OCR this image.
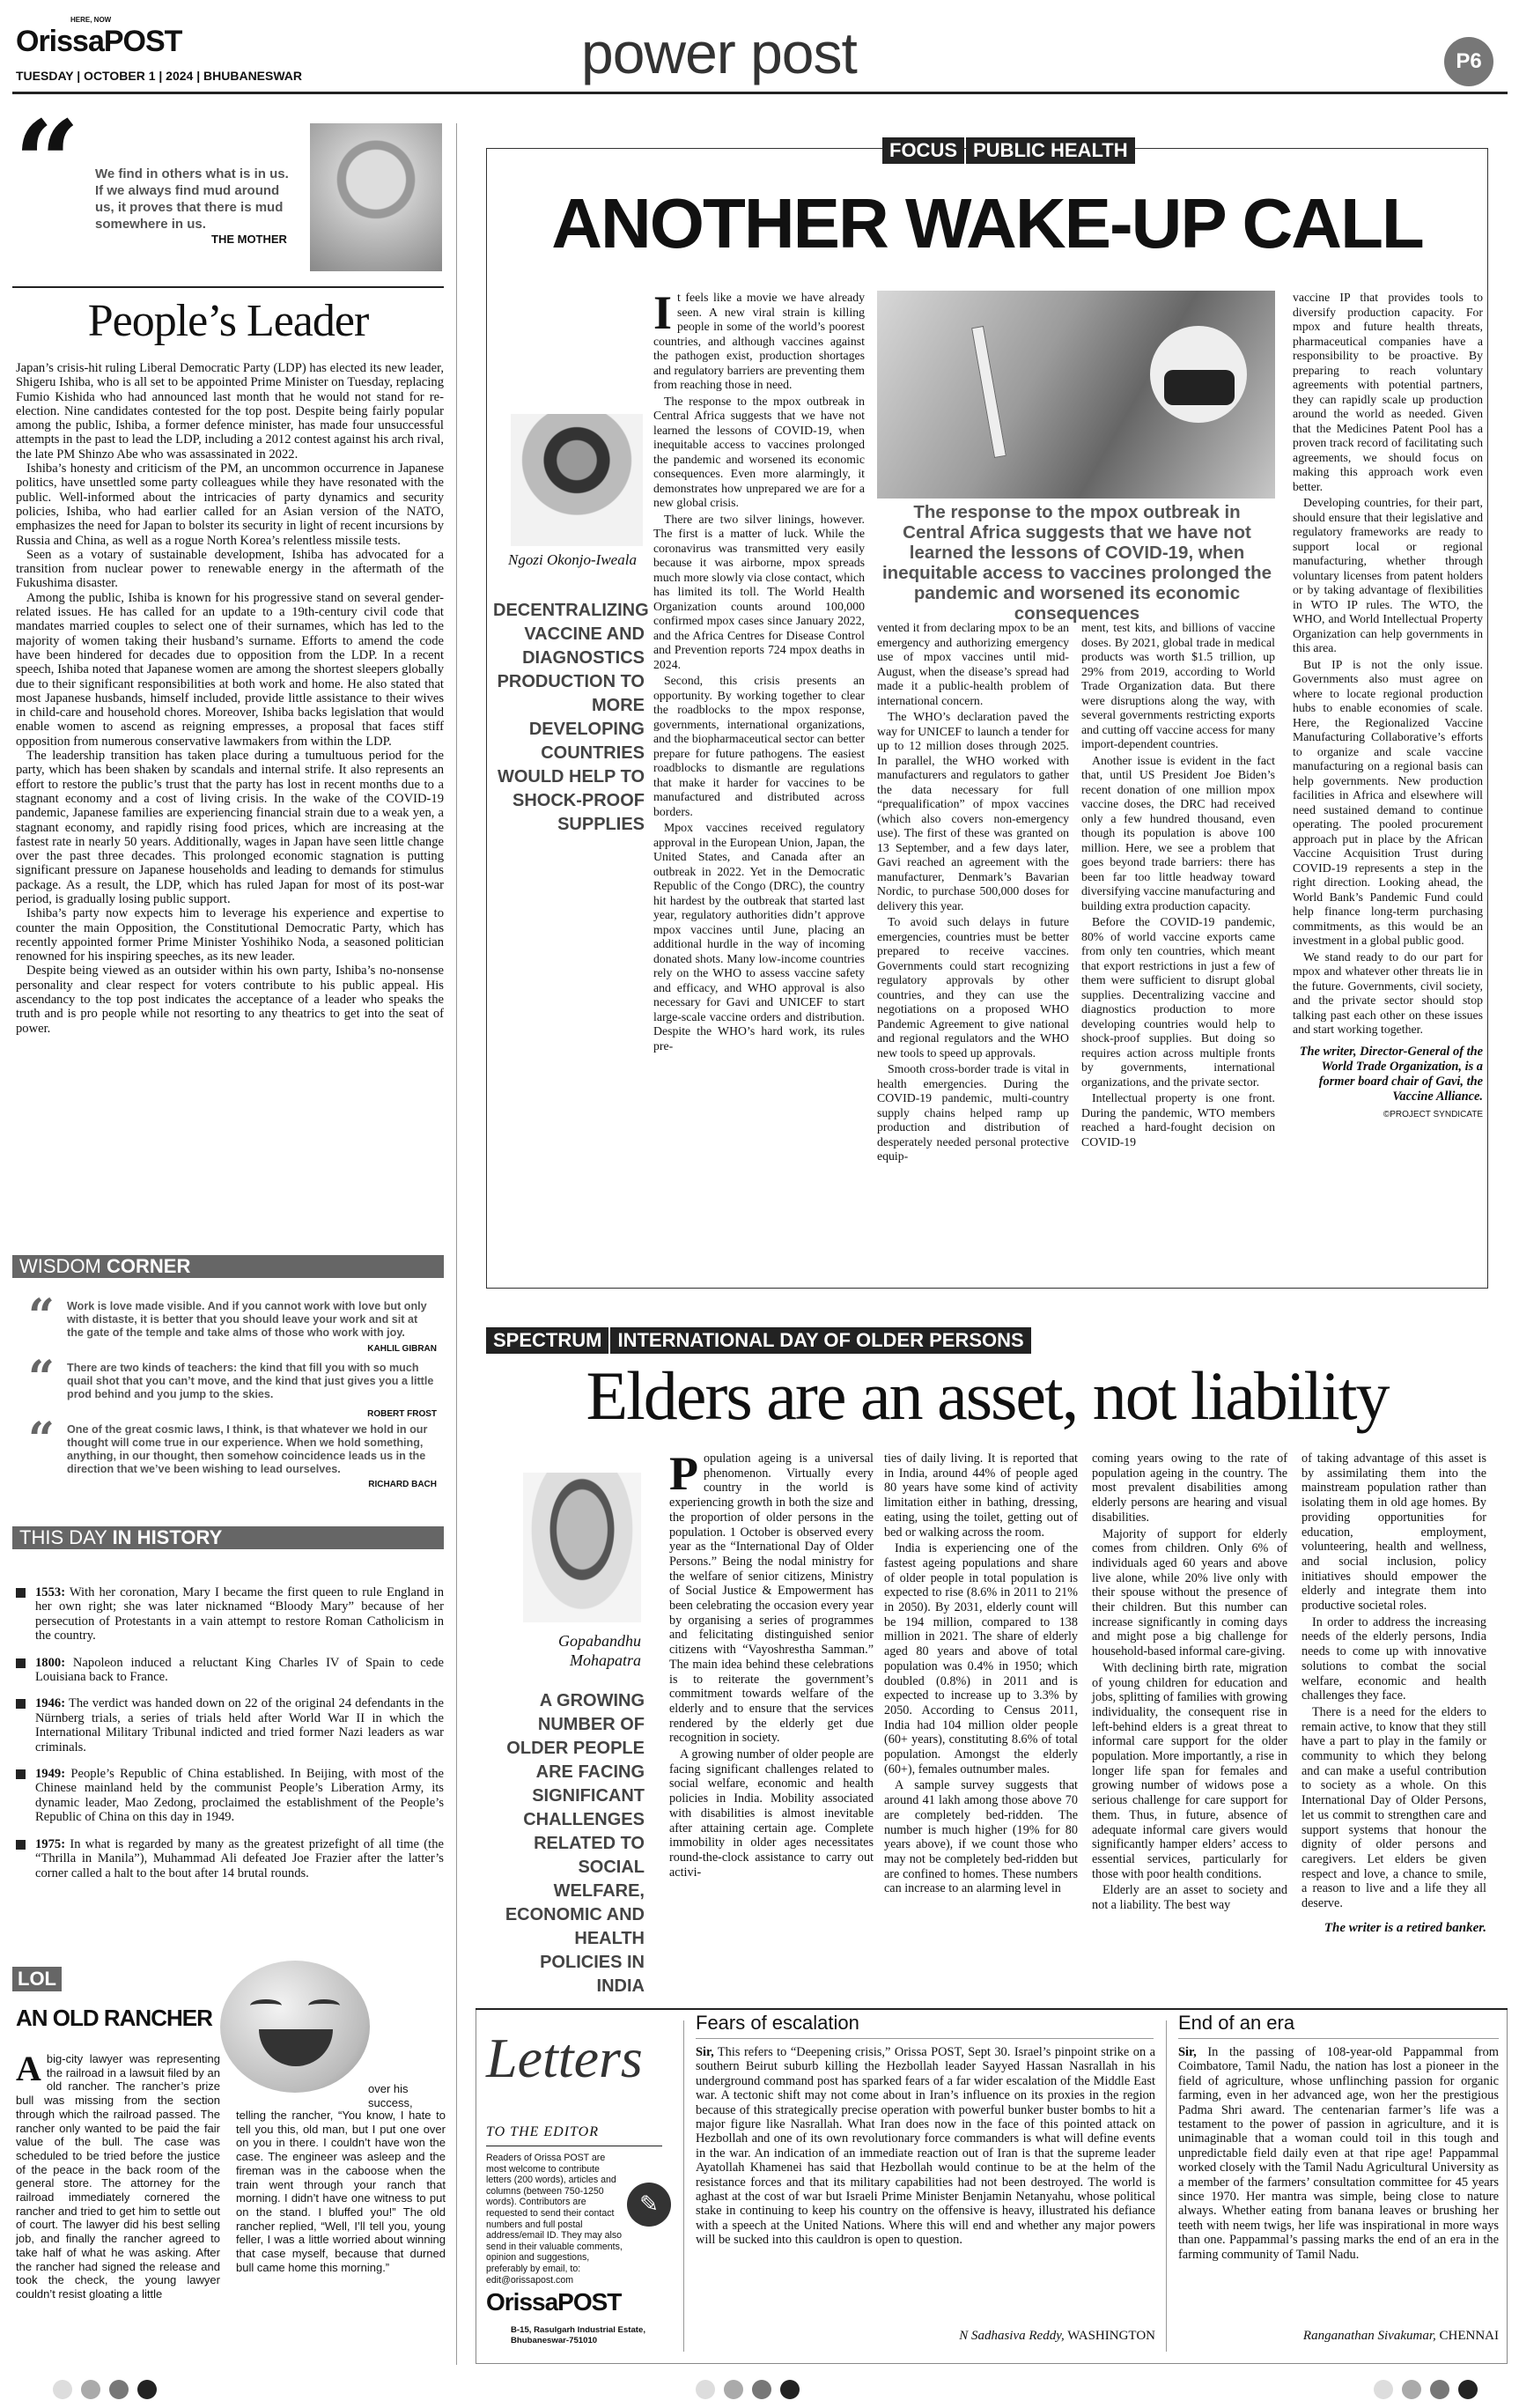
HERE, NOW
OrissaPOST
TUESDAY | OCTOBER 1 | 2024 | BHUBANESWAR	power post	P6
“ We find in others what is in us. If we always find mud around us, it proves that there is mud somewhere in us.
THE MOTHER
People’s Leader

Japan’s crisis-hit ruling Liberal Democratic Party (LDP) has elected its new leader, Shigeru Ishiba, who is all set to be appointed Prime Minister on Tuesday, replacing Fumio Kishida who had announced last month that he would not stand for re-election. Nine candidates contested for the top post. Despite being fairly popular among the public, Ishiba, a former defence minister, has made four unsuccessful attempts in the past to lead the LDP, including a 2012 contest against his arch rival, the late PM Shinzo Abe who was assassinated in 2022.

Ishiba’s honesty and criticism of the PM, an uncommon occurrence in Japanese politics, have unsettled some party colleagues while they have resonated with the public. Well-informed about the intricacies of party dynamics and security policies, Ishiba, who had earlier called for an Asian version of the NATO, emphasizes the need for Japan to bolster its security in light of recent incursions by Russia and China, as well as a rogue North Korea’s relentless missile tests.

Seen as a votary of sustainable development, Ishiba has advocated for a transition from nuclear power to renewable energy in the aftermath of the Fukushima disaster.

Among the public, Ishiba is known for his progressive stand on several gender-related issues. He has called for an update to a 19th-century civil code that mandates married couples to select one of their surnames, which has led to the majority of women taking their husband’s surname. Efforts to amend the code have been hindered for decades due to opposition from the LDP. In a recent speech, Ishiba noted that Japanese women are among the shortest sleepers globally due to their significant responsibilities at both work and home. He also stated that most Japanese husbands, himself included, provide little assistance to their wives in child-care and household chores. Moreover, Ishiba backs legislation that would enable women to ascend as reigning empresses, a proposal that faces stiff opposition from numerous conservative lawmakers from within the LDP.

The leadership transition has taken place during a tumultuous period for the party, which has been shaken by scandals and internal strife. It also represents an effort to restore the public’s trust that the party has lost in recent months due to a stagnant economy and a cost of living crisis. In the wake of the COVID-19 pandemic, Japanese families are experiencing financial strain due to a weak yen, a stagnant economy, and rapidly rising food prices, which are increasing at the fastest rate in nearly 50 years. Additionally, wages in Japan have seen little change over the past three decades. This prolonged economic stagnation is putting significant pressure on Japanese households and leading to demands for stimulus package. As a result, the LDP, which has ruled Japan for most of its post-war period, is gradually losing public support.

Ishiba’s party now expects him to leverage his experience and expertise to counter the main Opposition, the Constitutional Democratic Party, which has recently appointed former Prime Minister Yoshihiko Noda, a seasoned politician renowned for his inspiring speeches, as its new leader.

Despite being viewed as an outsider within his own party, Ishiba’s no-nonsense personality and clear respect for voters contribute to his public appeal. His ascendancy to the top post indicates the acceptance of a leader who speaks the truth and is pro people while not resorting to any theatrics to get into the seat of power.

WISDOM CORNER
“ Work is love made visible. And if you cannot work with love but only with distaste, it is better that you should leave your work and sit at the gate of the temple and take alms of those who work with joy.
KAHLIL GIBRAN
“ There are two kinds of teachers: the kind that fill you with so much quail shot that you can’t move, and the kind that just gives you a little prod behind and you jump to the skies.
ROBERT FROST
“ One of the great cosmic laws, I think, is that whatever we hold in our thought will come true in our experience. When we hold something, anything, in our thought, then somehow coincidence leads us in the direction that we’ve been wishing to lead ourselves.
RICHARD BACH
THIS DAY IN HISTORY
1553: With her coronation, Mary I became the first queen to rule England in her own right; she was later nicknamed “Bloody Mary” because of her persecution of Protestants in a vain attempt to restore Roman Catholicism in the country.
1800: Napoleon induced a reluctant King Charles IV of Spain to cede Louisiana back to France.
1946: The verdict was handed down on 22 of the original 24 defendants in the Nürnberg trials, a series of trials held after World War II in which the International Military Tribunal indicted and tried former Nazi leaders as war criminals.
1949: People’s Republic of China established. In Beijing, with most of the Chinese mainland held by the communist People’s Liberation Army, its dynamic leader, Mao Zedong, proclaimed the establishment of the People’s Republic of China on this day in 1949.
1975: In what is regarded by many as the greatest prizefight of all time (the “Thrilla in Manila”), Muhammad Ali defeated Joe Frazier after the latter’s corner called a halt to the bout after 14 brutal rounds.
LOL
AN OLD RANCHER
A big-city lawyer was representing the railroad in a lawsuit filed by an old rancher. The rancher’s prize bull was missing from the section through which the railroad passed. The rancher only wanted to be paid the fair value of the bull. The case was scheduled to be tried before the justice of the peace in the back room of the general store. The attorney for the railroad immediately cornered the rancher and tried to get him to settle out of court. The lawyer did his best selling job, and finally the rancher agreed to take half of what he was asking. After the rancher had signed the release and took the check, the young lawyer couldn’t resist gloating a little
over his success,
telling the rancher, “You know, I hate to tell you this, old man, but I put one over on you in there. I couldn’t have won the case. The engineer was asleep and the fireman was in the caboose when the train went through your ranch that morning. I didn’t have one witness to put on the stand. I bluffed you!” The old rancher replied, “Well, I’ll tell you, young feller, I was a little worried about winning that case myself, because that durned bull came home this morning.”
FOCUS PUBLIC HEALTH
ANOTHER WAKE-UP CALL
Ngozi Okonjo-Iweala
DECENTRALIZING VACCINE AND DIAGNOSTICS PRODUCTION TO MORE DEVELOPING COUNTRIES WOULD HELP TO SHOCK-PROOF SUPPLIES

It feels like a movie we have already seen. A new viral strain is killing people in some of the world’s poorest countries, and although vaccines against the pathogen exist, production shortages and regulatory barriers are preventing them from reaching those in need.

The response to the mpox outbreak in Central Africa suggests that we have not learned the lessons of COVID-19, when inequitable access to vaccines prolonged the pandemic and worsened its economic consequences. Even more alarmingly, it demonstrates how unprepared we are for a new global crisis.

There are two silver linings, however. The first is a matter of luck. While the coronavirus was transmitted very easily because it was airborne, mpox spreads much more slowly via close contact, which has limited its toll. The World Health Organization counts around 100,000 confirmed mpox cases since January 2022, and the Africa Centres for Disease Control and Prevention reports 724 mpox deaths in 2024.

Second, this crisis presents an opportunity. By working together to clear the roadblocks to the mpox response, governments, international organizations, and the biopharmaceutical sector can better prepare for future pathogens. The easiest roadblocks to dismantle are regulations that make it harder for vaccines to be manufactured and distributed across borders.

Mpox vaccines received regulatory approval in the European Union, Japan, the United States, and Canada after an outbreak in 2022. Yet in the Democratic Republic of the Congo (DRC), the country hit hardest by the outbreak that started last year, regulatory authorities didn’t approve mpox vaccines until June, placing an additional hurdle in the way of incoming donated shots. Many low-income countries rely on the WHO to assess vaccine safety and efficacy, and WHO approval is also necessary for Gavi and UNICEF to start large-scale vaccine orders and distribution. Despite the WHO’s hard work, its rules pre-

The response to the mpox outbreak in Central Africa suggests that we have not learned the lessons of COVID-19, when inequitable access to vaccines prolonged the pandemic and worsened its economic consequences

vented it from declaring mpox to be an emergency and authorizing emergency use of mpox vaccines until mid-August, when the disease’s spread had made it a public-health problem of international concern.

The WHO’s declaration paved the way for UNICEF to launch a tender for up to 12 million doses through 2025. In parallel, the WHO worked with manufacturers and regulators to gather the data necessary for full “prequalification” of mpox vaccines (which also covers non-emergency use). The first of these was granted on 13 September, and a few days later, Gavi reached an agreement with the manufacturer, Denmark’s Bavarian Nordic, to purchase 500,000 doses for delivery this year.

To avoid such delays in future emergencies, countries must be better prepared to receive vaccines. Governments could start recognizing regulatory approvals by other countries, and they can use the negotiations on a proposed WHO Pandemic Agreement to give national and regional regulators and the WHO new tools to speed up approvals.

Smooth cross-border trade is vital in health emergencies. During the COVID-19 pandemic, multi-country supply chains helped ramp up production and distribution of desperately needed personal protective equip-

ment, test kits, and billions of vaccine doses. By 2021, global trade in medical products was worth $1.5 trillion, up 29% from 2019, according to World Trade Organization data. But there were disruptions along the way, with several governments restricting exports and cutting off vaccine access for many import-dependent countries.

Another issue is evident in the fact that, until US President Joe Biden’s recent donation of one million mpox vaccine doses, the DRC had received only a few hundred thousand, even though its population is above 100 million. Here, we see a problem that goes beyond trade barriers: there has been far too little headway toward diversifying vaccine manufacturing and building extra production capacity.

Before the COVID-19 pandemic, 80% of world vaccine exports came from only ten countries, which meant that export restrictions in just a few of them were sufficient to disrupt global supplies. Decentralizing vaccine and diagnostics production to more developing countries would help to shock-proof supplies. But doing so requires action across multiple fronts by governments, international organizations, and the private sector.

Intellectual property is one front. During the pandemic, WTO members reached a hard-fought decision on COVID-19

vaccine IP that provides tools to diversify production capacity. For mpox and future health threats, pharmaceutical companies have a responsibility to be proactive. By preparing to reach voluntary agreements with potential partners, they can rapidly scale up production around the world as needed. Given that the Medicines Patent Pool has a proven track record of facilitating such agreements, we should focus on making this approach work even better.

Developing countries, for their part, should ensure that their legislative and regulatory frameworks are ready to support local or regional manufacturing, whether through voluntary licenses from patent holders or by taking advantage of flexibilities in WTO IP rules. The WTO, the WHO, and World Intellectual Property Organization can help governments in this area.

But IP is not the only issue. Governments also must agree on where to locate regional production hubs to enable economies of scale. Here, the Regionalized Vaccine Manufacturing Collaborative’s efforts to organize and scale vaccine manufacturing on a regional basis can help governments. New production facilities in Africa and elsewhere will need sustained demand to continue operating. The pooled procurement approach put in place by the African Vaccine Acquisition Trust during COVID-19 represents a step in the right direction. Looking ahead, the World Bank’s Pandemic Fund could help finance long-term purchasing commitments, as this would be an investment in a global public good.

We stand ready to do our part for mpox and whatever other threats lie in the future. Governments, civil society, and the private sector should stop talking past each other on these issues and start working together.

The writer, Director-General of the World Trade Organization, is a former board chair of Gavi, the Vaccine Alliance.
©PROJECT SYNDICATE
SPECTRUM INTERNATIONAL DAY OF OLDER PERSONS
Elders are an asset, not liability
Gopabandhu
Mohapatra
A GROWING NUMBER OF OLDER PEOPLE ARE FACING SIGNIFICANT CHALLENGES RELATED TO SOCIAL WELFARE, ECONOMIC AND HEALTH POLICIES IN INDIA

Population ageing is a universal phenomenon. Virtually every country in the world is experiencing growth in both the size and the proportion of older persons in the population. 1 October is observed every year as the “International Day of Older Persons.” Being the nodal ministry for the welfare of senior citizens, Ministry of Social Justice & Empowerment has been celebrating the occasion every year by organising a series of programmes and felicitating distinguished senior citizens with “Vayoshrestha Samman.” The main idea behind these celebrations is to reiterate the government’s commitment towards welfare of the elderly and to ensure that the services rendered by the elderly get due recognition in society.

A growing number of older people are facing significant challenges related to social welfare, economic and health policies in India. Mobility associated with disabilities is almost inevitable after attaining certain age. Complete immobility in older ages necessitates round-the-clock assistance to carry out activi-

ties of daily living. It is reported that in India, around 44% of people aged 80 years have some kind of activity limitation either in bathing, dressing, eating, using the toilet, getting out of bed or walking across the room.

India is experiencing one of the fastest ageing populations and share of older people in total population is expected to rise (8.6% in 2011 to 21% in 2050). By 2031, elderly count will be 194 million, compared to 138 million in 2021. The share of elderly aged 80 years and above of total population was 0.4% in 1950; which doubled (0.8%) in 2011 and is expected to increase up to 3.3% by 2050. According to Census 2011, India had 104 million older people (60+ years), constituting 8.6% of total population. Amongst the elderly (60+), females outnumber males.

A sample survey suggests that around 41 lakh among those above 70 are completely bed-ridden. The number is much higher (19% for 80 years above), if we count those who may not be completely bed-ridden but are confined to homes. These numbers can increase to an alarming level in

coming years owing to the rate of population ageing in the country. The most prevalent disabilities among elderly persons are hearing and visual disabilities.

Majority of support for elderly comes from children. Only 6% of individuals aged 60 years and above live alone, while 20% live only with their spouse without the presence of their children. But this number can increase significantly in coming days and might pose a big challenge for household-based informal care-giving.

With declining birth rate, migration of young children for education and jobs, splitting of families with growing individuality, the consequent rise in left-behind elders is a great threat to informal care support for the older population. More importantly, a rise in longer life span for females and growing number of widows pose a serious challenge for care support for them. Thus, in future, absence of adequate informal care givers would significantly hamper elders’ access to essential services, particularly for those with poor health conditions.

Elderly are an asset to society and not a liability. The best way

of taking advantage of this asset is by assimilating them into the mainstream population rather than isolating them in old age homes. By providing opportunities for education, employment, volunteering, health and wellness, and social inclusion, policy initiatives should empower the elderly and integrate them into productive societal roles.

In order to address the increasing needs of the elderly persons, India needs to come up with innovative solutions to combat the social welfare, economic and health challenges they face.

There is a need for the elders to remain active, to know that they still have a part to play in the family or community to which they belong and can make a useful contribution to society as a whole. On this International Day of Older Persons, let us commit to strengthen care and support systems that honour the dignity of older persons and caregivers. Let elders be given respect and love, a chance to smile, a reason to live and a life they all deserve.

The writer is a retired banker.
Letters
TO THE EDITOR
Readers of Orissa POST are most welcome to contribute letters (200 words), articles and columns (between 750-1250 words). Contributors are requested to send their contact numbers and full postal address/email ID. They may also send in their valuable comments, opinion and suggestions, preferably by email, to: edit@orissapost.com
✎
OrissaPOST
B-15, Rasulgarh Industrial Estate, Bhubaneswar-751010
Fears of escalation
Sir, This refers to “Deepening crisis,” Orissa POST, Sept 30. Israel’s pinpoint strike on a southern Beirut suburb killing the Hezbollah leader Sayyed Hassan Nasrallah in his underground command post has sparked fears of a far wider escalation of the Middle East war. A tectonic shift may not come about in Iran’s influence on its proxies in the region because of this strategically precise operation with powerful bunker buster bombs to hit a major figure like Nasrallah. What Iran does now in the face of this pointed attack on Hezbollah and one of its own revolutionary force commanders is what will define events in the war. An indication of an immediate reaction out of Iran is that the supreme leader Ayatollah Khamenei has said that Hezbollah would continue to be at the helm of the resistance forces and that its military capabilities had not been destroyed. The world is aghast at the cost of war but Israeli Prime Minister Benjamin Netanyahu, whose political stake in continuing to keep his country on the offensive is heavy, illustrated his defiance with a speech at the United Nations. Where this will end and whether any major powers will be sucked into this cauldron is open to question.
N Sadhasiva Reddy, WASHINGTON
End of an era
Sir, In the passing of 108-year-old Pappammal from Coimbatore, Tamil Nadu, the nation has lost a pioneer in the field of agriculture, whose unflinching passion for organic farming, even in her advanced age, won her the prestigious Padma Shri award. The centenarian farmer’s life was a testament to the power of passion in agriculture, and it is unimaginable that a woman could toil in this tough and unpredictable field daily even at that ripe age! Pappammal worked closely with the Tamil Nadu Agricultural University as a member of the farmers’ consultation committee for 45 years since 1970. Her mantra was simple, being close to nature always. Whether eating from banana leaves or brushing her teeth with neem twigs, her life was inspirational in more ways than one. Pappammal’s passing marks the end of an era in the farming community of Tamil Nadu.
Ranganathan Sivakumar, CHENNAI
